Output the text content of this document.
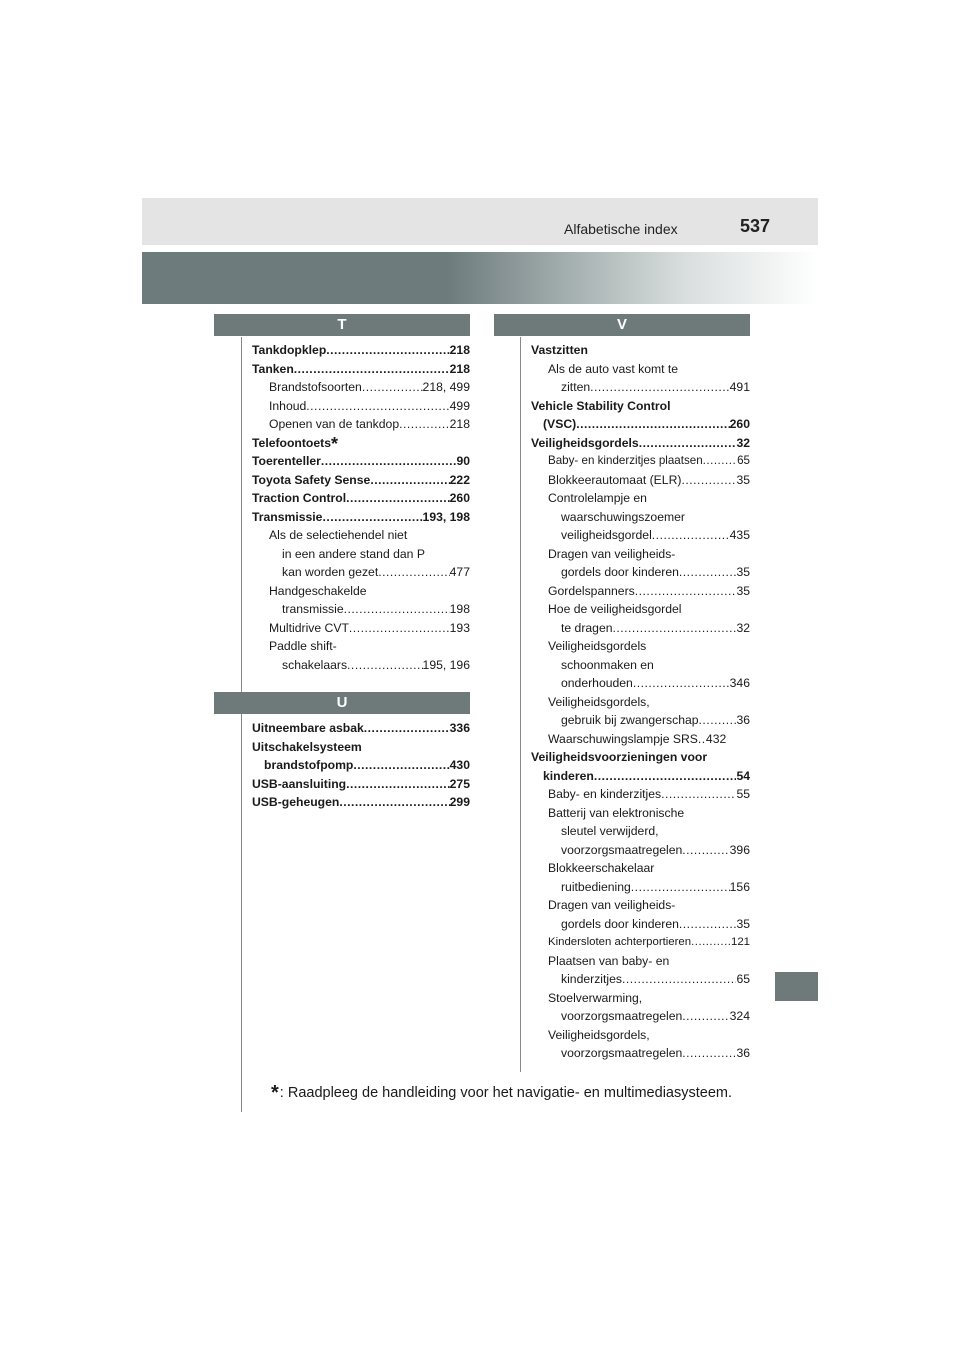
Alfabetische index	537
T
Tankdopklep .....	218
Tanken .....	218
Brandstofsoorten .....	218, 499
Inhoud .....	499
Openen van de tankdop .....	218
Telefoontoets*
Toerenteller .....	90
Toyota Safety Sense .....	222
Traction Control .....	260
Transmissie .....	193, 198
Als de selectiehendel niet
in een andere stand dan P
kan worden gezet .....	477
Handgeschakelde
transmissie .....	198
Multidrive CVT .....	193
Paddle shift-
schakelaars .....	195, 196
U
Uitneembare asbak .....	336
Uitschakelsysteem
brandstofpomp .....	430
USB-aansluiting .....	275
USB-geheugen .....	299
V
Vastzitten
Als de auto vast komt te
zitten .....	491
Vehicle Stability Control
(VSC) .....	260
Veiligheidsgordels .....	32
Baby- en kinderzitjes plaatsen .....	65
Blokkeerautomaat (ELR) .....	35
Controlelampje en
waarschuwingszoemer
veiligheidsgordel .....	435
Dragen van veiligheids-
gordels door kinderen .....	35
Gordelspanners .....	35
Hoe de veiligheidsgordel
te dragen .....	32
Veiligheidsgordels
schoonmaken en
onderhouden .....	346
Veiligheidsgordels,
gebruik bij zwangerschap .....	36
Waarschuwingslampje SRS ..... 432
Veiligheidsvoorzieningen voor
kinderen .....	54
Baby- en kinderzitjes .....	55
Batterij van elektronische
sleutel verwijderd,
voorzorgsmaatregelen .....	396
Blokkeerschakelaar
ruitbediening .....	156
Dragen van veiligheids-
gordels door kinderen .....	35
Kindersloten achterportieren .....	121
Plaatsen van baby- en
kinderzitjes .....	65
Stoelverwarming,
voorzorgsmaatregelen .....	324
Veiligheidsgordels,
voorzorgsmaatregelen .....	36
*: Raadpleeg de handleiding voor het navigatie- en multimediasysteem.
